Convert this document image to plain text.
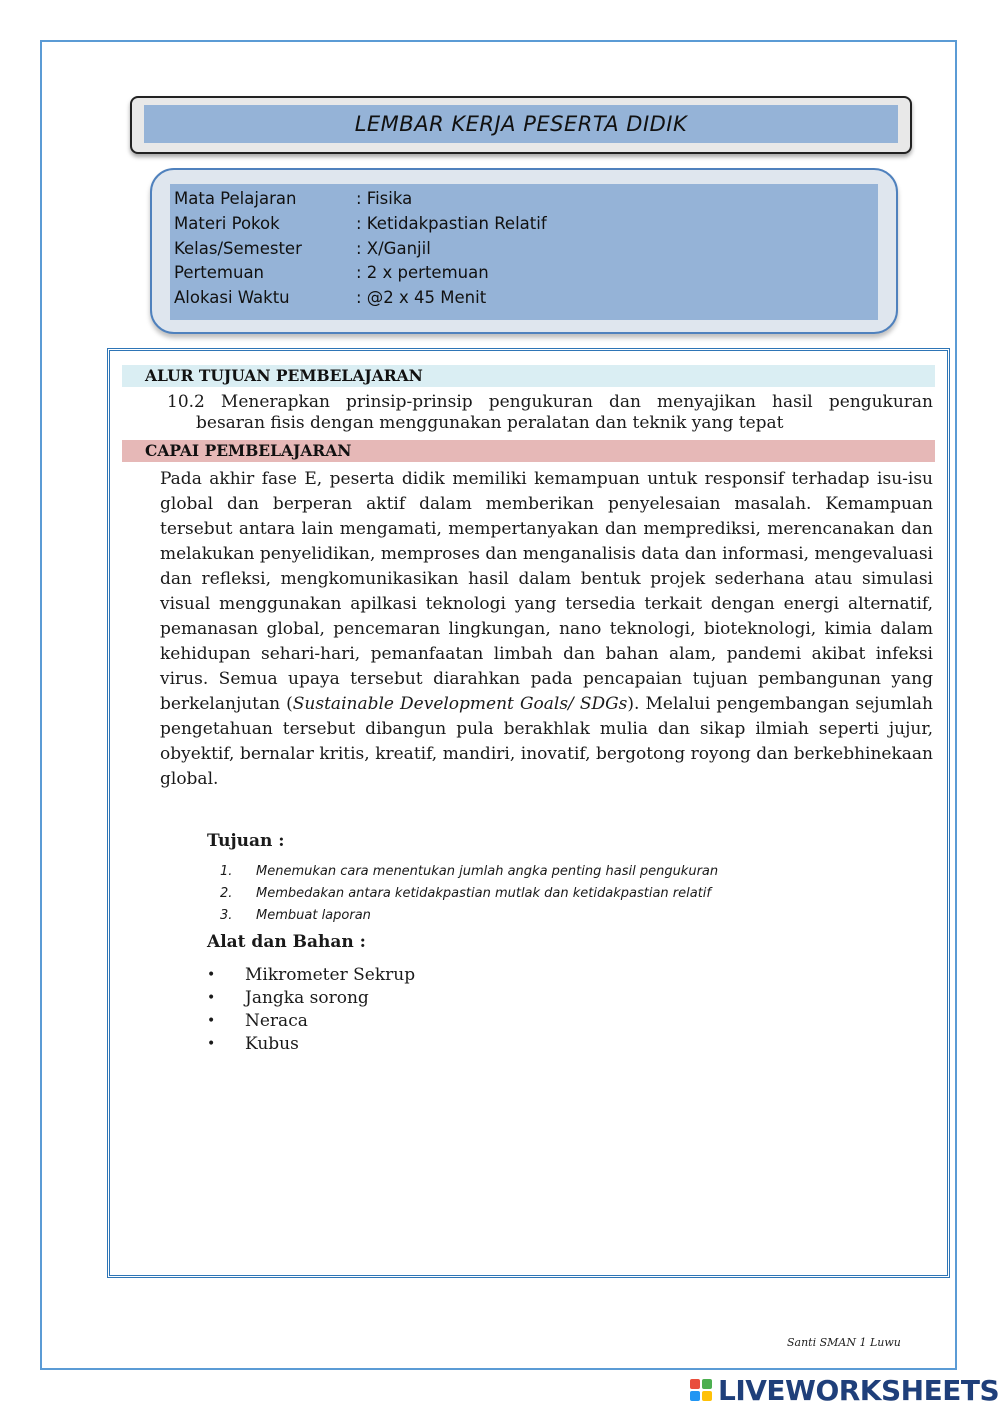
LEMBAR KERJA PESERTA DIDIK
Mata Pelajaran	: Fisika
Materi Pokok	: Ketidakpastian Relatif
Kelas/Semester	: X/Ganjil
Pertemuan	: 2 x pertemuan
Alokasi Waktu	: @2 x 45 Menit
ALUR TUJUAN PEMBELAJARAN
10.2 Menerapkan prinsip-prinsip pengukuran dan menyajikan hasil pengukuran
besaran fisis dengan menggunakan peralatan dan teknik yang tepat
CAPAI PEMBELAJARAN
Pada akhir fase E, peserta didik memiliki kemampuan untuk responsif terhadap isu-isu global dan berperan aktif dalam memberikan penyelesaian masalah. Kemampuan tersebut antara lain mengamati, mempertanyakan dan memprediksi, merencanakan dan melakukan penyelidikan, memproses dan menganalisis data dan informasi, mengevaluasi dan refleksi, mengkomunikasikan hasil dalam bentuk projek sederhana atau simulasi visual menggunakan apilkasi teknologi yang tersedia terkait dengan energi alternatif, pemanasan global, pencemaran lingkungan, nano teknologi, bioteknologi, kimia dalam kehidupan sehari-hari, pemanfaatan limbah dan bahan alam, pandemi akibat infeksi virus. Semua upaya tersebut diarahkan pada pencapaian tujuan pembangunan yang berkelanjutan (Sustainable Development Goals/ SDGs). Melalui pengembangan sejumlah pengetahuan tersebut dibangun pula berakhlak mulia dan sikap ilmiah seperti jujur, obyektif, bernalar kritis, kreatif, mandiri, inovatif, bergotong royong dan berkebhinekaan global.
Tujuan :
1.	Menemukan cara menentukan jumlah angka penting hasil pengukuran
2.	Membedakan antara ketidakpastian mutlak dan ketidakpastian relatif
3.	Membuat laporan
Alat dan Bahan :
•	Mikrometer Sekrup
•	Jangka sorong
•	Neraca
•	Kubus
Santi SMAN 1 Luwu
LIVEWORKSHEETS
